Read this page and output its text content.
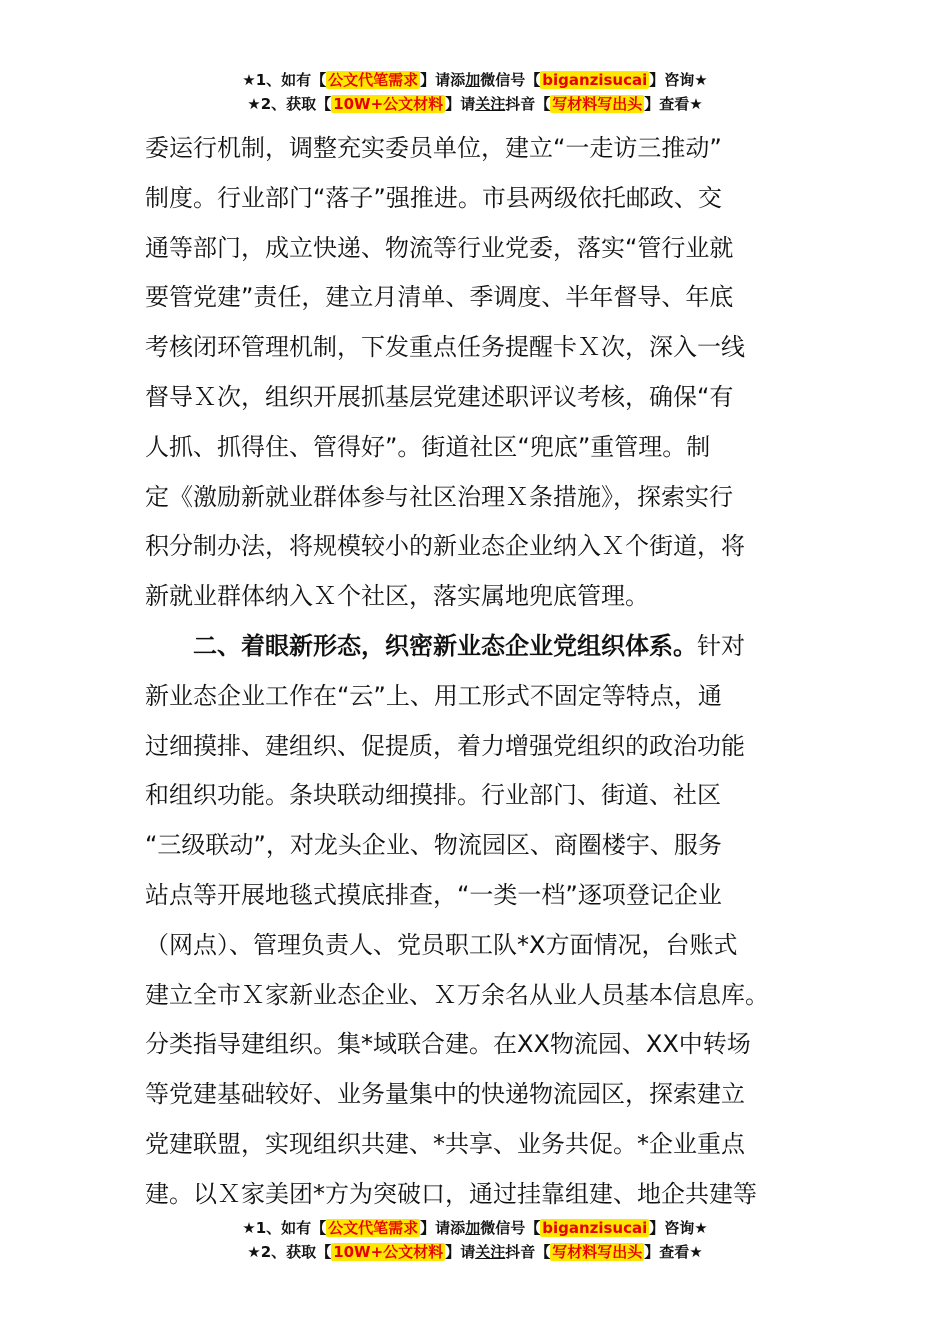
★1、如有【 公文代笔需求 】请添加微信号【 biganzisucai 】咨询★
★2、获取【 10W+公文材料 】请关注抖音【 写材料写出头 】查看★
委运行机制，调整充实委员单位，建立“一走访三推动”
制度。行业部门“落子”强推进。市县两级依托邮政、交
通等部门，成立快递、物流等行业党委，落实“管行业就
要管党建”责任，建立月清单、季调度、半年督导、年底
考核闭环管理机制，下发重点任务提醒卡Ｘ次，深入一线
督导Ｘ次，组织开展抓基层党建述职评议考核，确保“有
人抓、抓得住、管得好”。街道社区“兜底”重管理。制
定《激励新就业群体参与社区治理Ｘ条措施》，探索实行
积分制办法，将规模较小的新业态企业纳入Ｘ个街道，将
新就业群体纳入Ｘ个社区，落实属地兜底管理。
二、着眼新形态，织密新业态企业党组织体系。针对
新业态企业工作在“云”上、用工形式不固定等特点，通
过细摸排、建组织、促提质，着力增强党组织的政治功能
和组织功能。条块联动细摸排。行业部门、街道、社区
“三级联动”，对龙头企业、物流园区、商圈楼宇、服务
站点等开展地毯式摸底排查，“一类一档”逐项登记企业
（网点）、管理负责人、党员职工队*X方面情况，台账式
建立全市Ｘ家新业态企业、Ｘ万余名从业人员基本信息库。
分类指导建组织。集*域联合建。在XX物流园、XX中转场
等党建基础较好、业务量集中的快递物流园区，探索建立
党建联盟，实现组织共建、*共享、业务共促。*企业重点
建。以Ｘ家美团*方为突破口，通过挂靠组建、地企共建等
★1、如有【 公文代笔需求 】请添加微信号【 biganzisucai 】咨询★
★2、获取【 10W+公文材料 】请关注抖音【 写材料写出头 】查看★
